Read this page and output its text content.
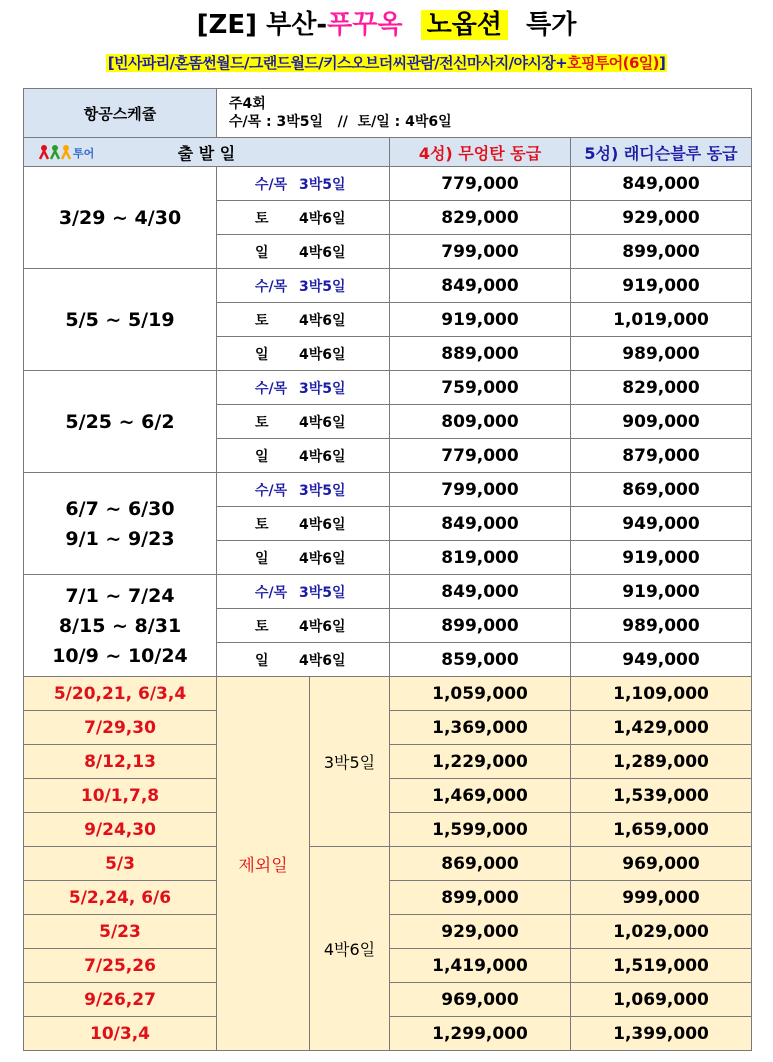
[ZE] 부산-푸꾸옥 노옵션 특가
[빈사파리/혼똠썬월드/그랜드월드/키스오브더씨관람/전신마사지/야시장+호핑투어(6일)]
항공스케쥴	주4회
수/목 : 3박5일   //  토/일 : 4박6일			

투어 출 발 일			4성) 무엉탄 동급	5성) 래디슨블루 동급

3/29 ~ 4/30	수/목 3박5일		779,000	849,000
	토 4박6일		829,000	929,000
	일 4박6일		799,000	899,000

5/5 ~ 5/19	수/목 3박5일		849,000	919,000
	토 4박6일		919,000	1,019,000
	일 4박6일		889,000	989,000

5/25 ~ 6/2	수/목 3박5일		759,000	829,000
	토 4박6일		809,000	909,000
	일 4박6일		779,000	879,000

6/7 ~ 6/30
9/1 ~ 9/23	수/목 3박5일		799,000	869,000
	토 4박6일		849,000	949,000
	일 4박6일		819,000	919,000

7/1 ~ 7/24
8/15 ~ 8/31
10/9 ~ 10/24	수/목 3박5일		849,000	919,000
	토 4박6일		899,000	989,000
	일 4박6일		859,000	949,000
5/20,21, 6/3,4	제외일	3박5일	1,059,000	1,109,000
7/29,30			1,369,000	1,429,000
8/12,13			1,229,000	1,289,000
10/1,7,8			1,469,000	1,539,000
9/24,30			1,599,000	1,659,000
5/3		4박6일	869,000	969,000
5/2,24, 6/6			899,000	999,000
5/23			929,000	1,029,000
7/25,26			1,419,000	1,519,000
9/26,27			969,000	1,069,000
10/3,4			1,299,000	1,399,000
